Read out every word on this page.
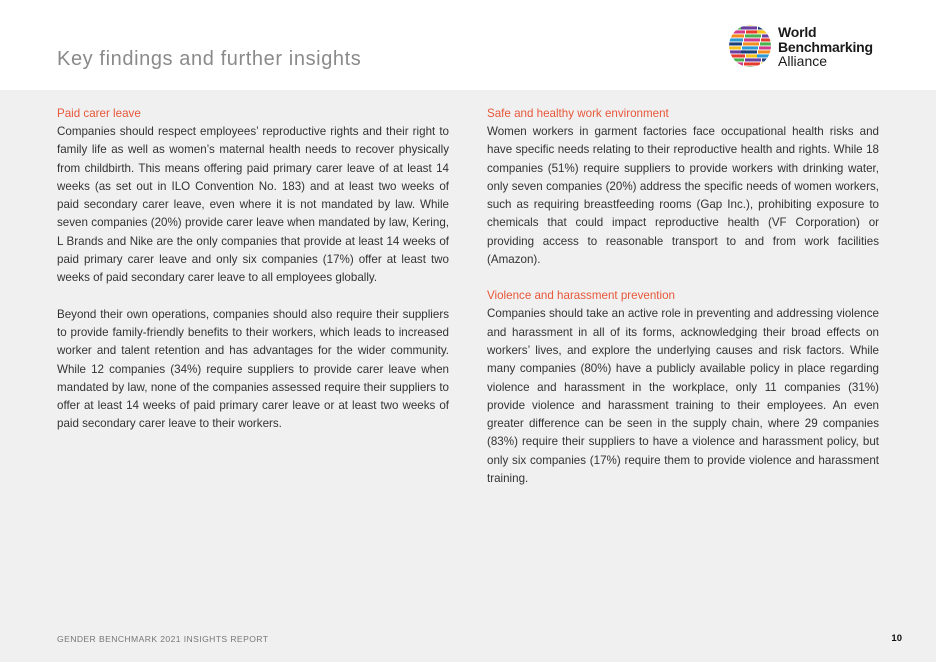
Key findings and further insights
World
Benchmarking
Alliance
Paid carer leave

Companies should respect employees’ reproductive rights and their right to family life as well as women’s maternal health needs to recover physically from childbirth. This means offering paid primary carer leave of at least 14 weeks (as set out in ILO Convention No. 183) and at least two weeks of paid secondary carer leave, even where it is not mandated by law. While seven companies (20%) provide carer leave when mandated by law, Kering, L Brands and Nike are the only companies that provide at least 14 weeks of paid primary carer leave and only six companies (17%) offer at least two weeks of paid secondary carer leave to all employees globally.

Beyond their own operations, companies should also require their suppliers to provide family-friendly benefits to their workers, which leads to increased worker and talent retention and has advantages for the wider community. While 12 companies (34%) require suppliers to provide carer leave when mandated by law, none of the companies assessed require their suppliers to offer at least 14 weeks of paid primary carer leave or at least two weeks of paid secondary carer leave to their workers.

Safe and healthy work environment

Women workers in garment factories face occupational health risks and have specific needs relating to their reproductive health and rights. While 18 companies (51%) require suppliers to provide workers with drinking water, only seven companies (20%) address the specific needs of women workers, such as requiring breastfeeding rooms (Gap Inc.), prohibiting exposure to chemicals that could impact reproductive health (VF Corporation) or providing access to reasonable transport to and from work facilities (Amazon).

Violence and harassment prevention

Companies should take an active role in preventing and addressing violence and harassment in all of its forms, acknowledging their broad effects on workers’ lives, and explore the underlying causes and risk factors. While many companies (80%) have a publicly available policy in place regarding violence and harassment in the workplace, only 11 companies (31%) provide violence and harassment training to their employees. An even greater difference can be seen in the supply chain, where 29 companies (83%) require their suppliers to have a violence and harassment policy, but only six companies (17%) require them to provide violence and harassment training.

GENDER BENCHMARK 2021 INSIGHTS REPORT	10
